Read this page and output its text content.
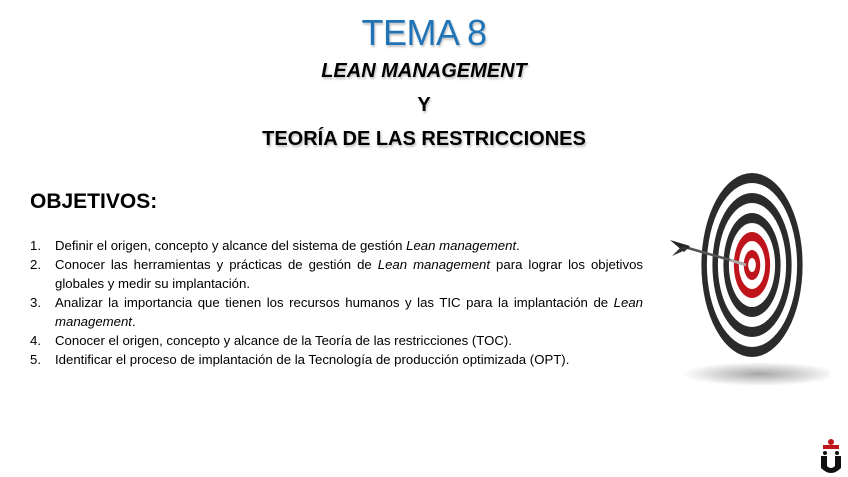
TEMA 8
LEAN MANAGEMENT
Y
TEORÍA DE LAS RESTRICCIONES
OBJETIVOS:
1. Definir el origen, concepto y alcance del sistema de gestión Lean management.
2. Conocer las herramientas y prácticas de gestión de Lean management para lograr los objetivos globales y medir su implantación.
3. Analizar la importancia que tienen los recursos humanos y las TIC para la implantación de Lean management.
4. Conocer el origen, concepto y alcance de la Teoría de las restricciones (TOC).
5. Identificar el proceso de implantación de la Tecnología de producción optimizada (OPT).
